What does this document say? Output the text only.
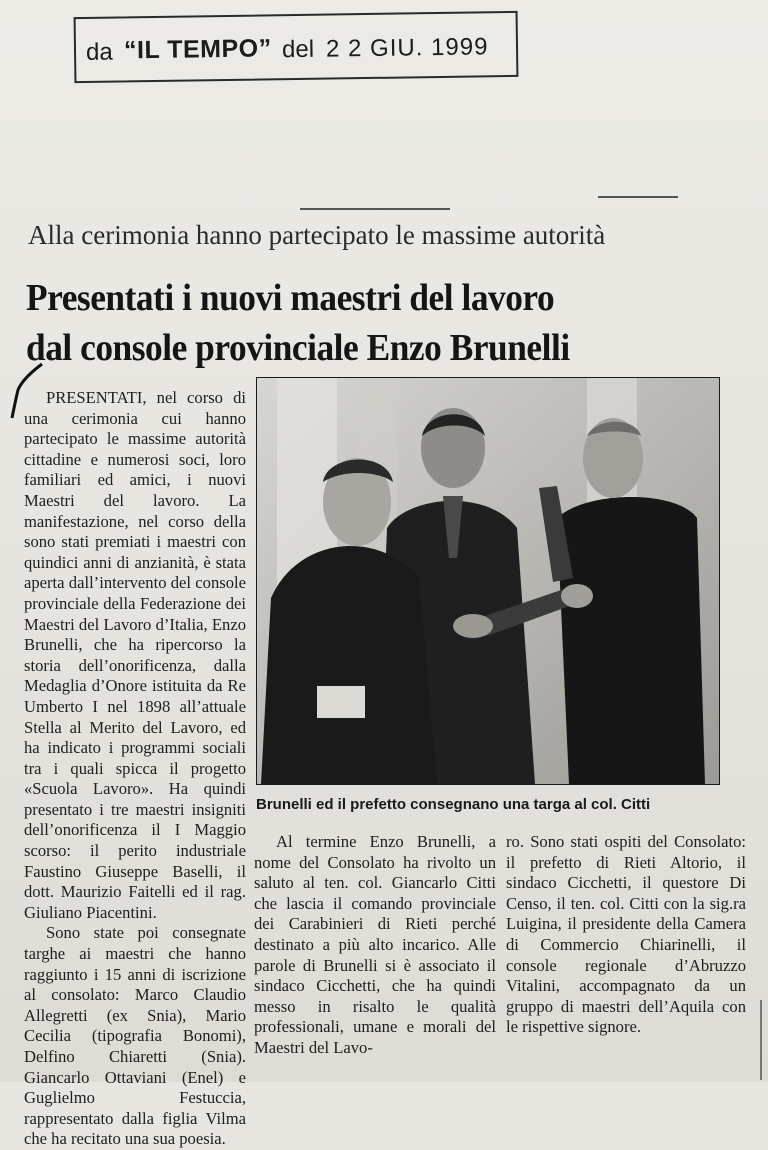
da “IL TEMPO” del 2 2 GIU. 1999
Alla cerimonia hanno partecipato le massime autorità
Presentati i nuovi maestri del lavoro
dal console provinciale Enzo Brunelli

PRESENTATI, nel corso di una cerimonia cui hanno partecipato le massime autorità cittadine e numerosi soci, loro familiari ed amici, i nuovi Maestri del lavoro. La manifestazione, nel corso della sono stati premiati i maestri con quindici anni di anzianità, è stata aperta dall’intervento del console provinciale della Federazione dei Maestri del Lavoro d’Italia, Enzo Brunelli, che ha ripercorso la storia dell’onorificenza, dalla Medaglia d’Onore istituita da Re Umberto I nel 1898 all’attuale Stella al Merito del Lavoro, ed ha indicato i programmi sociali tra i quali spicca il progetto «Scuola Lavoro». Ha quindi presentato i tre maestri insigniti dell’onorificenza il I Maggio scorso: il perito industriale Faustino Giuseppe Baselli, il dott. Maurizio Faitelli ed il rag. Giuliano Piacentini.

Sono state poi consegnate targhe ai maestri che hanno raggiunto i 15 anni di iscrizione al consolato: Marco Claudio Allegretti (ex Snia), Mario Cecilia (tipografia Bonomi), Delfino Chiaretti (Snia). Giancarlo Ottaviani (Enel) e Guglielmo Festuccia, rappresentato dalla figlia Vilma che ha recitato una sua poesia.

Brunelli ed il prefetto consegnano una targa al col. Citti

Al termine Enzo Brunelli, a nome del Consolato ha rivolto un saluto al ten. col. Giancarlo Citti che lascia il comando provinciale dei Carabinieri di Rieti perché destinato a più alto incarico. Alle parole di Brunelli si è associato il sindaco Cicchetti, che ha quindi messo in risalto le qualità professionali, umane e morali del Maestri del Lavo-

ro. Sono stati ospiti del Consolato: il prefetto di Rieti Altorio, il sindaco Cicchetti, il questore Di Censo, il ten. col. Citti con la sig.ra Luigina, il presidente della Camera di Commercio Chiarinelli, il console regionale d’Abruzzo Vitalini, accompagnato da un gruppo di maestri dell’Aquila con le rispettive signore.
